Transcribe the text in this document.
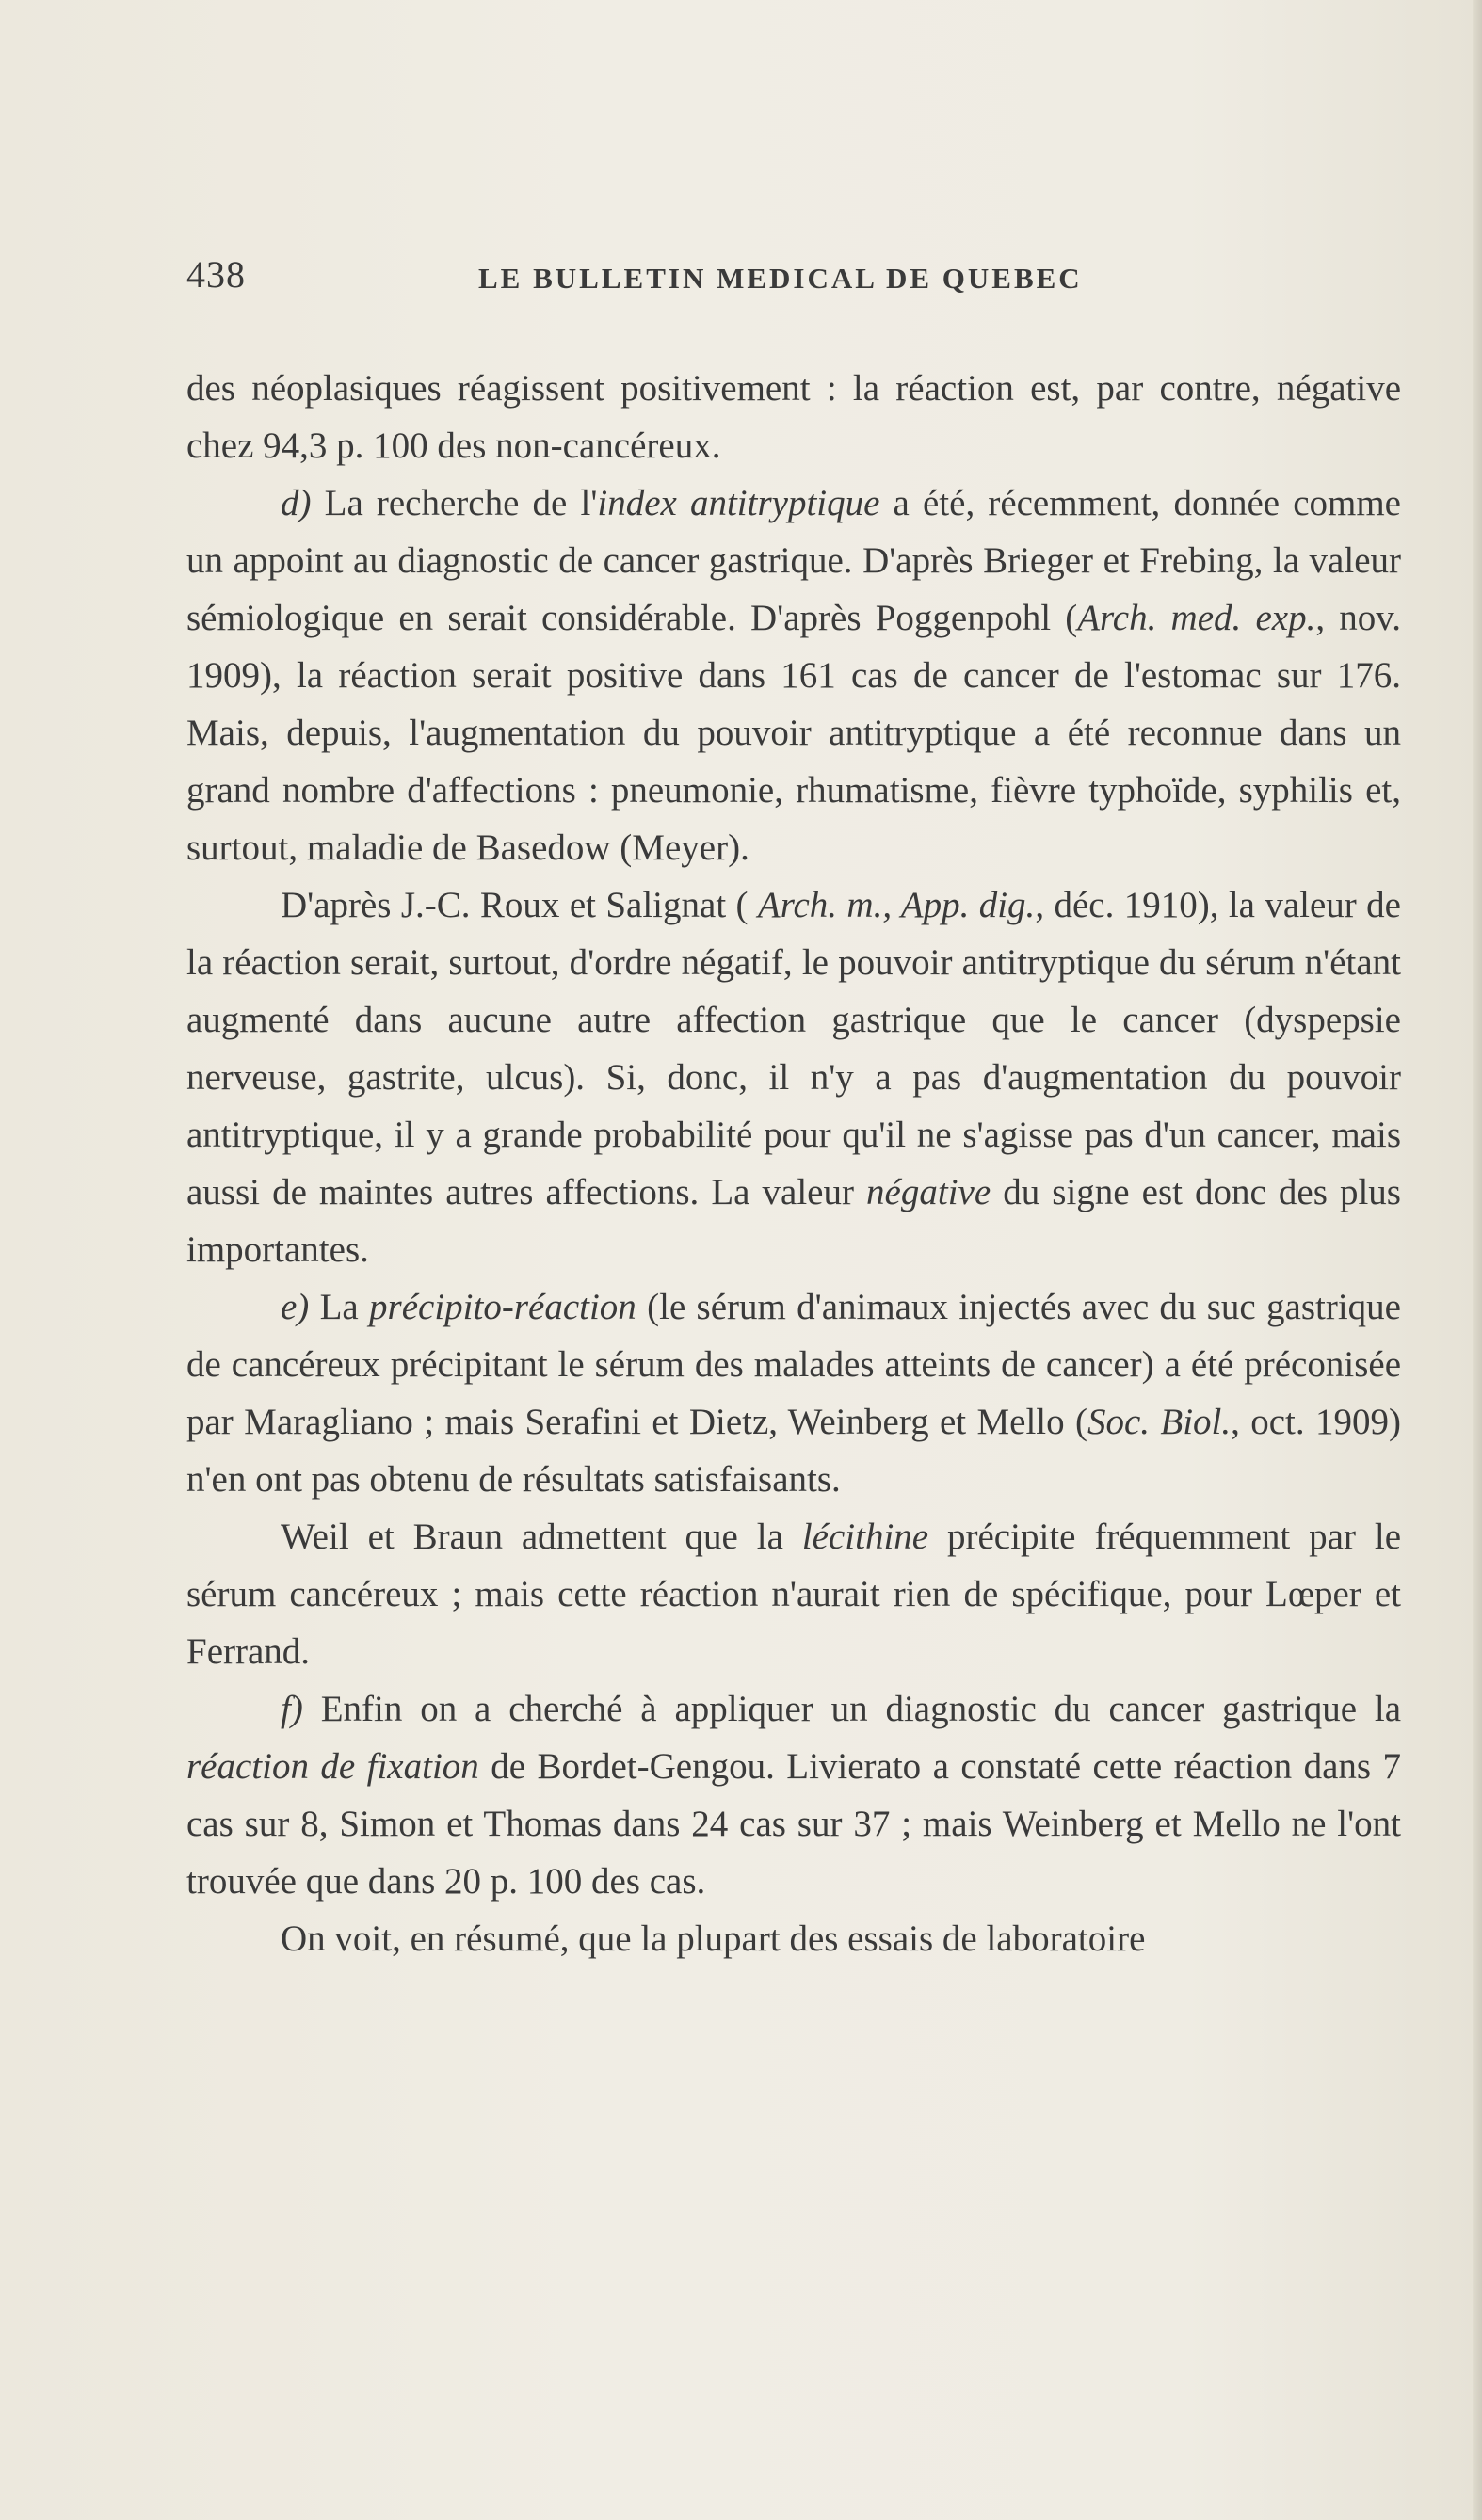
438	LE BULLETIN MEDICAL DE QUEBEC

des néoplasiques réagissent positivement : la réaction est, par contre, négative chez 94,3 p. 100 des non-cancéreux.

d) La recherche de l'index antitryptique a été, récemment, donnée comme un appoint au diagnostic de cancer gastrique. D'après Brieger et Frebing, la valeur sémiologique en serait considérable. D'après Poggenpohl (Arch. med. exp., nov. 1909), la réaction serait positive dans 161 cas de cancer de l'estomac sur 176. Mais, depuis, l'augmentation du pouvoir antitryptique a été reconnue dans un grand nombre d'affections : pneumonie, rhumatisme, fièvre typhoïde, syphilis et, surtout, maladie de Basedow (Meyer).

D'après J.-C. Roux et Salignat ( Arch. m., App. dig., déc. 1910), la valeur de la réaction serait, surtout, d'ordre négatif, le pouvoir antitryptique du sérum n'étant augmenté dans aucune autre affection gastrique que le cancer (dyspepsie nerveuse, gastrite, ulcus). Si, donc, il n'y a pas d'augmentation du pouvoir antitryptique, il y a grande probabilité pour qu'il ne s'agisse pas d'un cancer, mais aussi de maintes autres affections. La valeur négative du signe est donc des plus importantes.

e) La précipito-réaction (le sérum d'animaux injectés avec du suc gastrique de cancéreux précipitant le sérum des malades atteints de cancer) a été préconisée par Maragliano ; mais Serafini et Dietz, Weinberg et Mello (Soc. Biol., oct. 1909) n'en ont pas obtenu de résultats satisfaisants.

Weil et Braun admettent que la lécithine précipite fréquemment par le sérum cancéreux ; mais cette réaction n'aurait rien de spécifique, pour Lœper et Ferrand.

f) Enfin on a cherché à appliquer un diagnostic du cancer gastrique la réaction de fixation de Bordet-Gengou. Livierato a constaté cette réaction dans 7 cas sur 8, Simon et Thomas dans 24 cas sur 37 ; mais Weinberg et Mello ne l'ont trouvée que dans 20 p. 100 des cas.

On voit, en résumé, que la plupart des essais de laboratoire
